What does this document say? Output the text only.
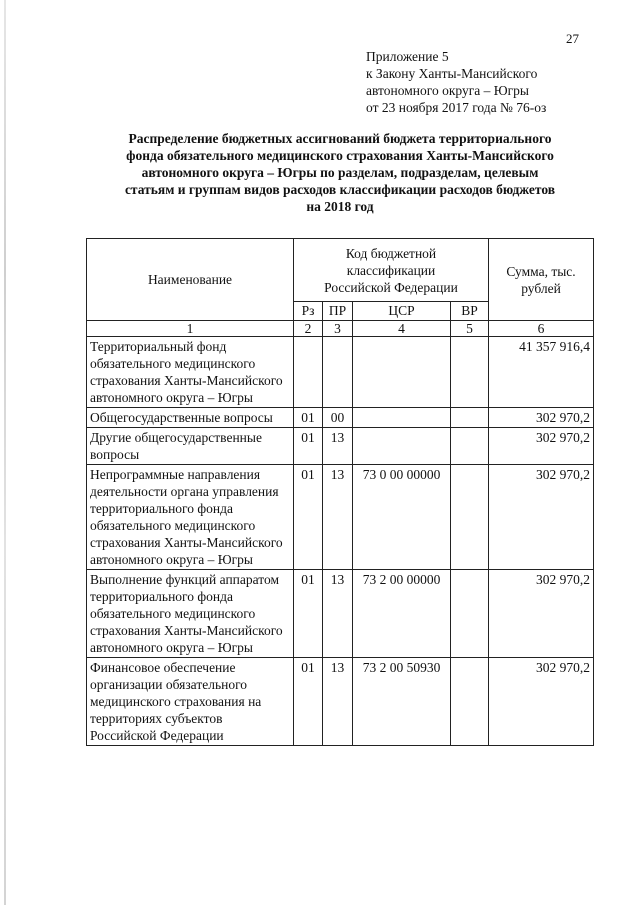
27
Приложение 5
к Закону Ханты-Мансийского
автономного округа – Югры
от 23 ноября 2017 года № 76-оз
Распределение бюджетных ассигнований бюджета территориального
фонда обязательного медицинского страхования Ханты-Мансийского
автономного округа – Югры по разделам, подразделам, целевым
статьям и группам видов расходов классификации расходов бюджетов
на 2018 год
Наименование	Код бюджетной классификации Российской Федерации				Сумма, тыс. рублей
	Рз	ПР	ЦСР	ВР	
1	2	3	4	5	6
Территориальный фонд обязательного медицинского страхования Ханты-Мансийского автономного округа – Югры					41 357 916,4
Общегосударственные вопросы	01	00			302 970,2
Другие общегосударственные вопросы	01	13			302 970,2
Непрограммные направления деятельности органа управления территориального фонда обязательного медицинского страхования Ханты-Мансийского автономного округа – Югры	01	13	73 0 00 00000		302 970,2
Выполнение функций аппаратом территориального фонда обязательного медицинского страхования Ханты-Мансийского автономного округа – Югры	01	13	73 2 00 00000		302 970,2
Финансовое обеспечение организации обязательного медицинского страхования на территориях субъектов Российской Федерации	01	13	73 2 00 50930		302 970,2
